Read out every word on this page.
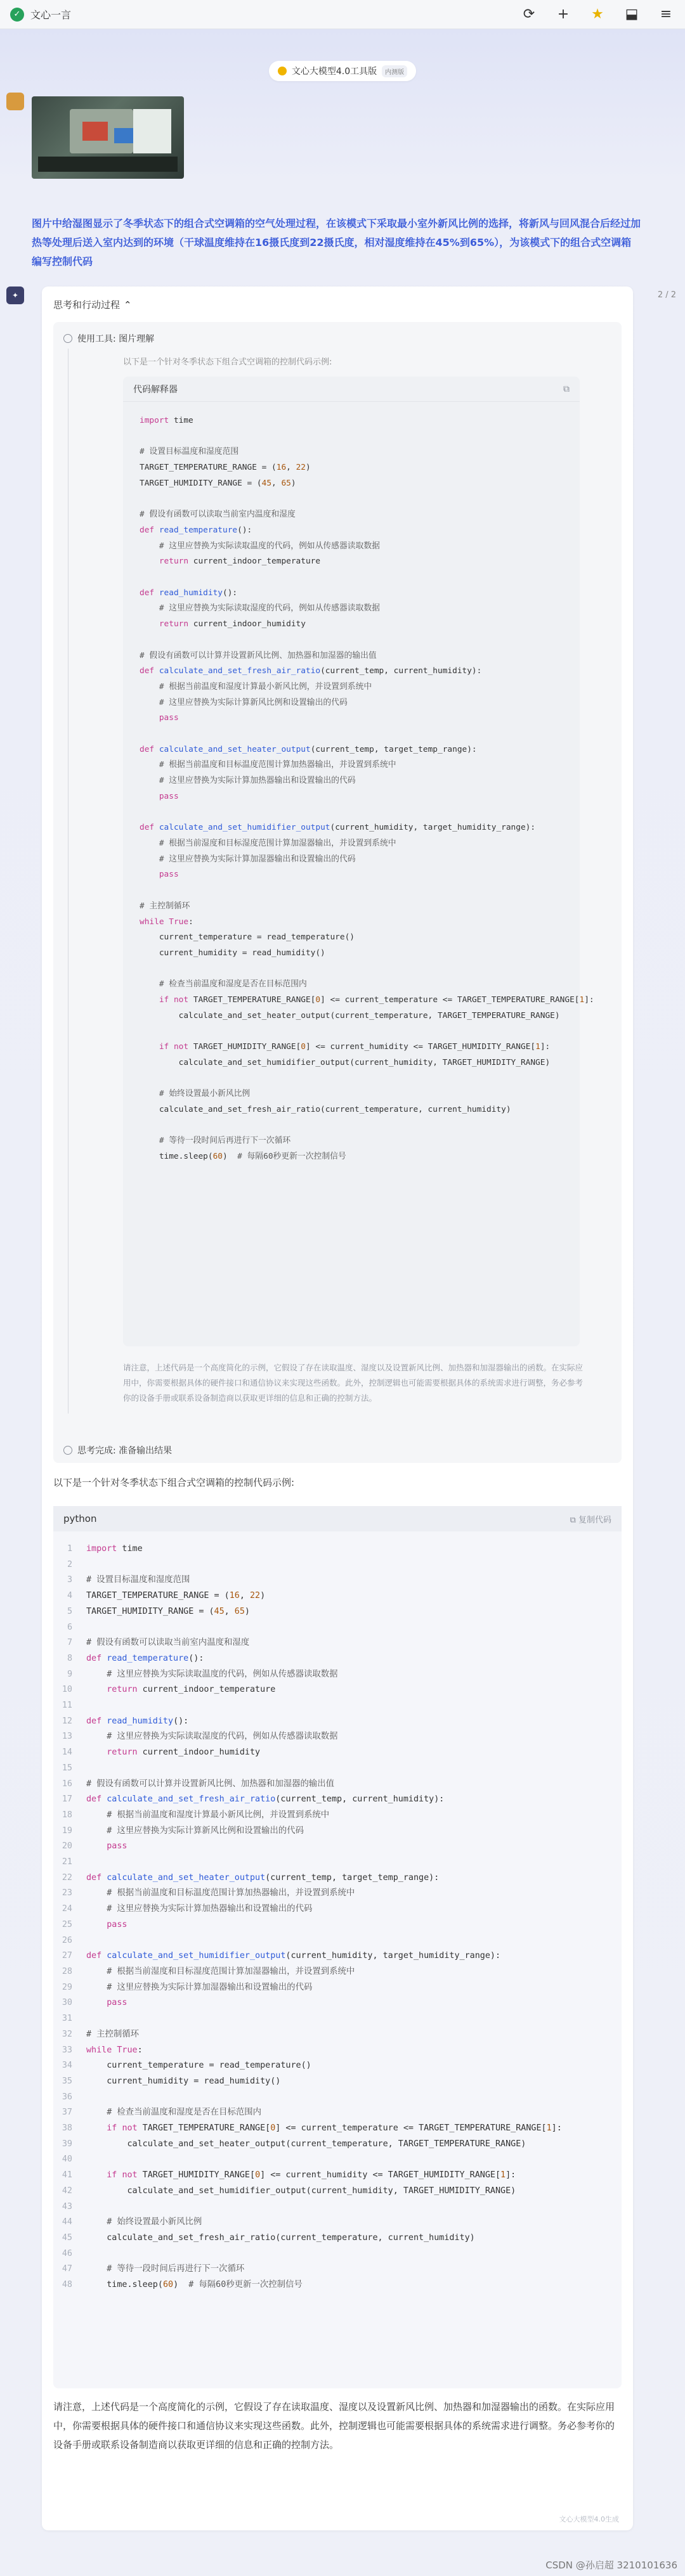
✓ 文心一言	⟳ + ★ ⬓ ≡
文心大模型4.0工具版	内测版
图片中给湿图显示了冬季状态下的组合式空调箱的空气处理过程，在该模式下采取最小室外新风比例的选择，将新风与回风混合后经过加热等处理后送入室内达到的环境（干球温度维持在16摄氏度到22摄氏度，相对湿度维持在45%到65%），为该模式下的组合式空调箱编写控制代码
✦	2 / 2
思考和行动过程 ⌃
使用工具: 图片理解
以下是一个针对冬季状态下组合式空调箱的控制代码示例:
代码解释器	⧉
import time

# 设置目标温度和湿度范围
TARGET_TEMPERATURE_RANGE = (16, 22)
TARGET_HUMIDITY_RANGE = (45, 65)

# 假设有函数可以读取当前室内温度和湿度
def read_temperature():
# 这里应替换为实际读取温度的代码，例如从传感器读取数据
return current_indoor_temperature

def read_humidity():
# 这里应替换为实际读取湿度的代码，例如从传感器读取数据
return current_indoor_humidity

# 假设有函数可以计算并设置新风比例、加热器和加湿器的输出值
def calculate_and_set_fresh_air_ratio(current_temp, current_humidity):
# 根据当前温度和湿度计算最小新风比例，并设置到系统中
# 这里应替换为实际计算新风比例和设置输出的代码
pass

def calculate_and_set_heater_output(current_temp, target_temp_range):
# 根据当前温度和目标温度范围计算加热器输出，并设置到系统中
# 这里应替换为实际计算加热器输出和设置输出的代码
pass

def calculate_and_set_humidifier_output(current_humidity, target_humidity_range):
# 根据当前湿度和目标湿度范围计算加湿器输出，并设置到系统中
# 这里应替换为实际计算加湿器输出和设置输出的代码
pass

# 主控制循环
while True:
current_temperature = read_temperature()
current_humidity = read_humidity()

# 检查当前温度和湿度是否在目标范围内
if not TARGET_TEMPERATURE_RANGE[0] <= current_temperature <= TARGET_TEMPERATURE_RANGE[1]:
calculate_and_set_heater_output(current_temperature, TARGET_TEMPERATURE_RANGE)

if not TARGET_HUMIDITY_RANGE[0] <= current_humidity <= TARGET_HUMIDITY_RANGE[1]:
calculate_and_set_humidifier_output(current_humidity, TARGET_HUMIDITY_RANGE)

# 始终设置最小新风比例
calculate_and_set_fresh_air_ratio(current_temperature, current_humidity)

# 等待一段时间后再进行下一次循环
time.sleep(60)  # 每隔60秒更新一次控制信号
请注意，上述代码是一个高度简化的示例，它假设了存在读取温度、湿度以及设置新风比例、加热器和加湿器输出的函数。在实际应用中，你需要根据具体的硬件接口和通信协议来实现这些函数。此外，控制逻辑也可能需要根据具体的系统需求进行调整，务必参考你的设备手册或联系设备制造商以获取更详细的信息和正确的控制方法。
思考完成: 准备输出结果
以下是一个针对冬季状态下组合式空调箱的控制代码示例:
python	⧉ 复制代码
1
2
3
4
5
6
7
8
9
10
11
12
13
14
15
16
17
18
19
20
21
22
23
24
25
26
27
28
29
30
31
32
33
34
35
36
37
38
39
40
41
42
43
44
45
46
47
48
import time

# 设置目标温度和湿度范围
TARGET_TEMPERATURE_RANGE = (16, 22)
TARGET_HUMIDITY_RANGE = (45, 65)

# 假设有函数可以读取当前室内温度和湿度
def read_temperature():
# 这里应替换为实际读取温度的代码，例如从传感器读取数据
return current_indoor_temperature

def read_humidity():
# 这里应替换为实际读取湿度的代码，例如从传感器读取数据
return current_indoor_humidity

# 假设有函数可以计算并设置新风比例、加热器和加湿器的输出值
def calculate_and_set_fresh_air_ratio(current_temp, current_humidity):
# 根据当前温度和湿度计算最小新风比例，并设置到系统中
# 这里应替换为实际计算新风比例和设置输出的代码
pass

def calculate_and_set_heater_output(current_temp, target_temp_range):
# 根据当前温度和目标温度范围计算加热器输出，并设置到系统中
# 这里应替换为实际计算加热器输出和设置输出的代码
pass

def calculate_and_set_humidifier_output(current_humidity, target_humidity_range):
# 根据当前湿度和目标湿度范围计算加湿器输出，并设置到系统中
# 这里应替换为实际计算加湿器输出和设置输出的代码
pass

# 主控制循环
while True:
current_temperature = read_temperature()
current_humidity = read_humidity()

# 检查当前温度和湿度是否在目标范围内
if not TARGET_TEMPERATURE_RANGE[0] <= current_temperature <= TARGET_TEMPERATURE_RANGE[1]:
calculate_and_set_heater_output(current_temperature, TARGET_TEMPERATURE_RANGE)

if not TARGET_HUMIDITY_RANGE[0] <= current_humidity <= TARGET_HUMIDITY_RANGE[1]:
calculate_and_set_humidifier_output(current_humidity, TARGET_HUMIDITY_RANGE)

# 始终设置最小新风比例
calculate_and_set_fresh_air_ratio(current_temperature, current_humidity)

# 等待一段时间后再进行下一次循环
time.sleep(60)  # 每隔60秒更新一次控制信号
请注意，上述代码是一个高度简化的示例，它假设了存在读取温度、湿度以及设置新风比例、加热器和加湿器输出的函数。在实际应用中，你需要根据具体的硬件接口和通信协议来实现这些函数。此外，控制逻辑也可能需要根据具体的系统需求进行调整。务必参考你的设备手册或联系设备制造商以获取更详细的信息和正确的控制方法。
文心大模型4.0生成
CSDN @孙启超 3210101636
